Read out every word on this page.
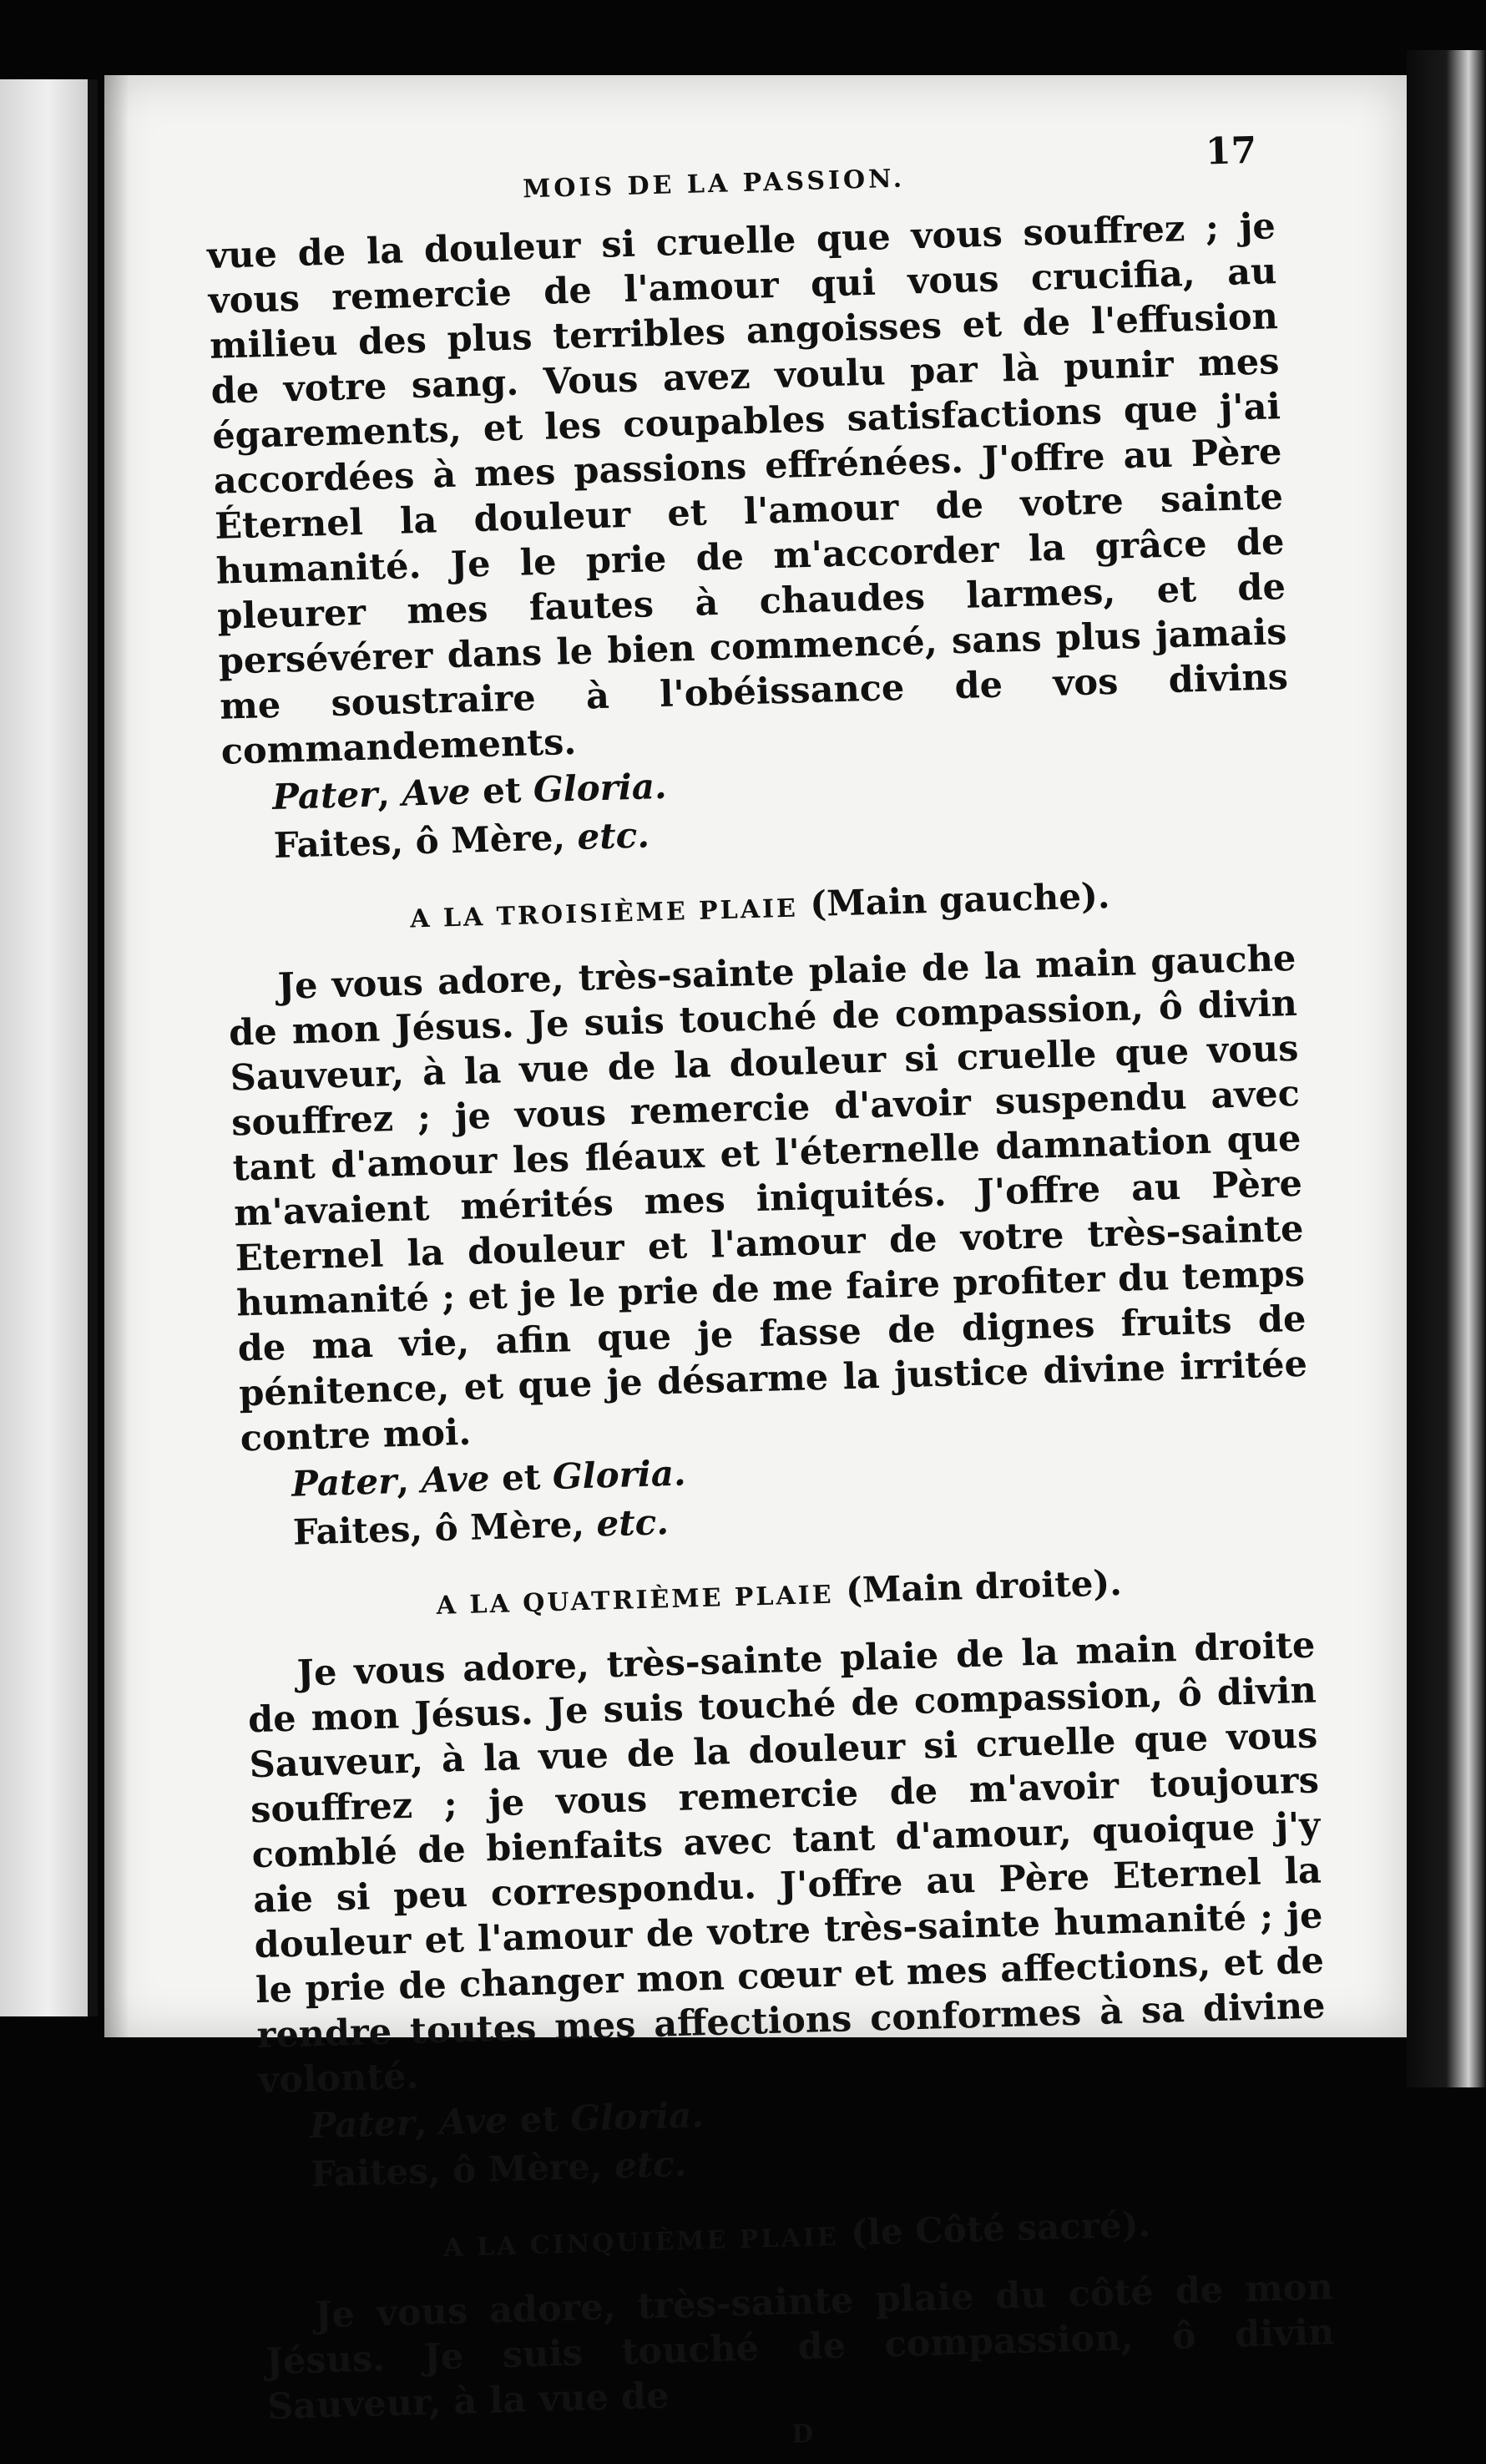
MOIS DE LA PASSION.
17

vue de la douleur si cruelle que vous souffrez ; je vous remercie de l'amour qui vous crucifia, au milieu des plus terribles angoisses et de l'effusion de votre sang. Vous avez voulu par là punir mes égarements, et les coupables satisfactions que j'ai accordées à mes passions effrénées. J'offre au Père Éternel la douleur et l'amour de votre sainte humanité. Je le prie de m'accorder la grâce de pleurer mes fautes à chaudes larmes, et de persévérer dans le bien commencé, sans plus jamais me soustraire à l'obéissance de vos divins commandements.

Pater, Ave et Gloria.
Faites, ô Mère, etc.
A LA TROISIÈME PLAIE (Main gauche).

Je vous adore, très-sainte plaie de la main gauche de mon Jésus. Je suis touché de compassion, ô divin Sauveur, à la vue de la douleur si cruelle que vous souffrez ; je vous remercie d'avoir suspendu avec tant d'amour les fléaux et l'éternelle damnation que m'avaient mérités mes iniquités. J'offre au Père Eternel la douleur et l'amour de votre très-sainte humanité ; et je le prie de me faire profiter du temps de ma vie, afin que je fasse de dignes fruits de pénitence, et que je désarme la justice divine irritée contre moi.

Pater, Ave et Gloria.
Faites, ô Mère, etc.
A LA QUATRIÈME PLAIE (Main droite).

Je vous adore, très-sainte plaie de la main droite de mon Jésus. Je suis touché de compassion, ô divin Sauveur, à la vue de la douleur si cruelle que vous souffrez ; je vous remercie de m'avoir toujours comblé de bienfaits avec tant d'amour, quoique j'y aie si peu correspondu. J'offre au Père Eternel la douleur et l'amour de votre très-sainte humanité ; je le prie de changer mon cœur et mes affections, et de rendre toutes mes affections conformes à sa divine volonté.

Pater, Ave et Gloria.
Faites, ô Mère, etc.
A LA CINQUIÈME PLAIE (le Côté sacré).

Je vous adore, très-sainte plaie du côté de mon Jésus. Je suis touché de compassion, ô divin Sauveur, à la vue de

D
